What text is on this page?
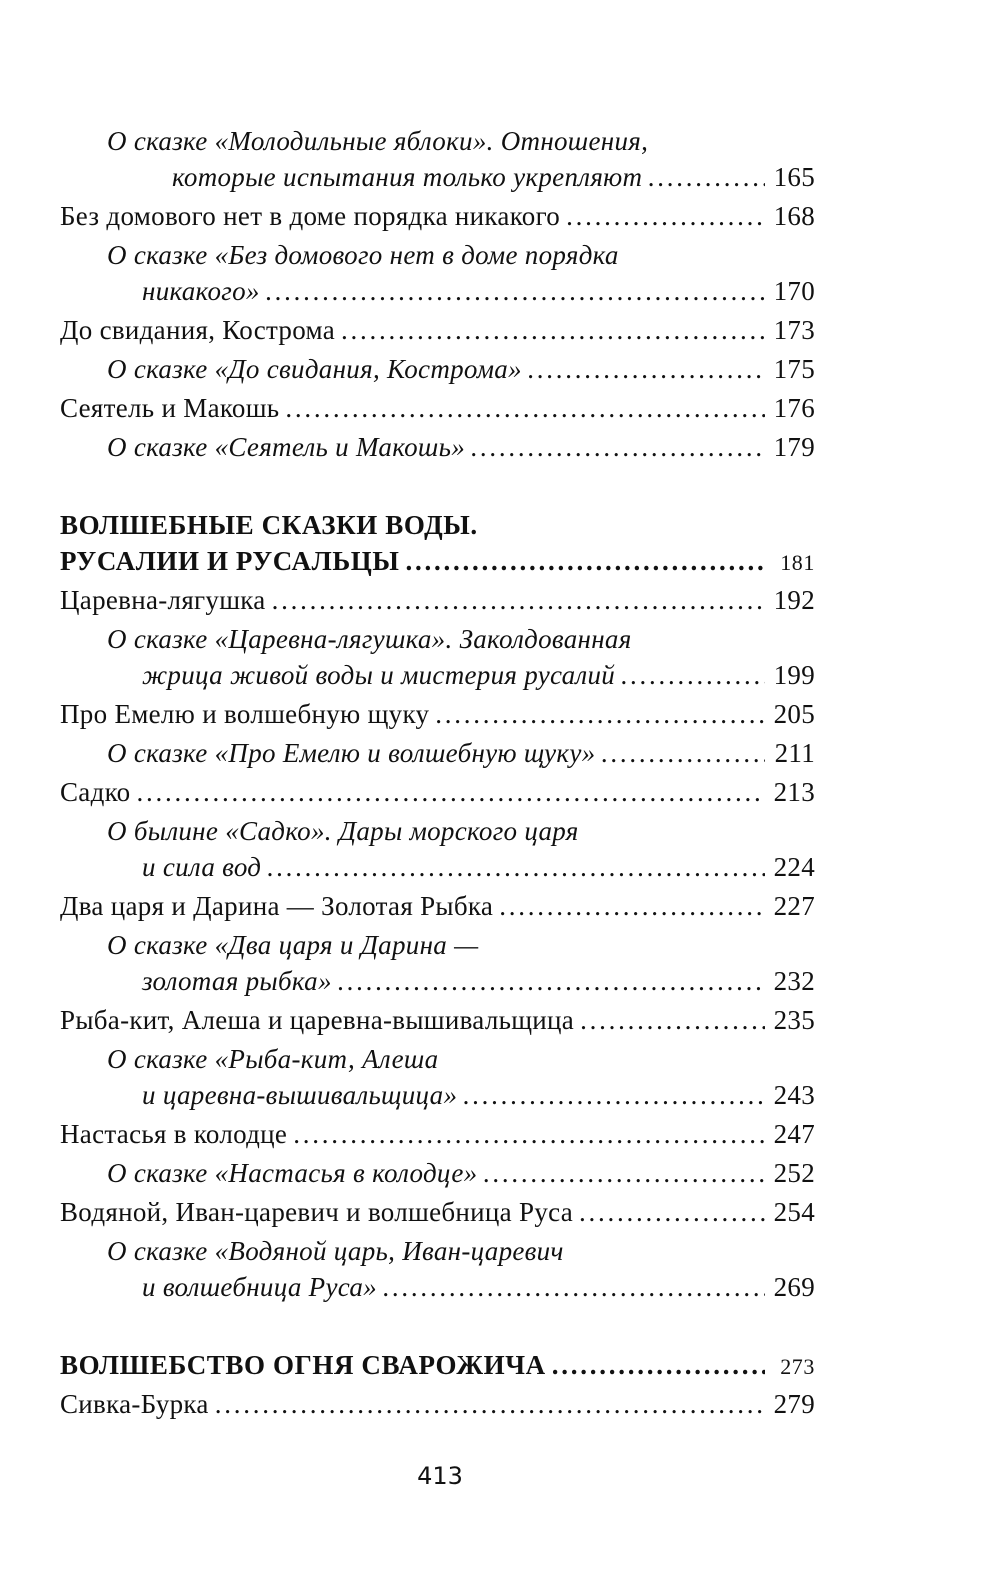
О сказке «Молодильные яблоки». Отношения,
которые испытания только укрепляют . . .	165
Без домового нет в доме порядка никакого . . .	168
О сказке «Без домового нет в доме порядка
никакого» . . .	170
До свидания, Кострома . . .	173
О сказке «До свидания, Кострома» . . .	175
Сеятель и Макошь . . .	176
О сказке «Сеятель и Макошь» . . .	179
ВОЛШЕБНЫЕ СКАЗКИ ВОДЫ.
РУСАЛИИ И РУСАЛЬЦЫ . . .	181
Царевна-лягушка . . .	192
О сказке «Царевна-лягушка». Заколдованная
жрица живой воды и мистерия русалий . . .	199
Про Емелю и волшебную щуку . . .	205
О сказке «Про Емелю и волшебную щуку» . . .	211
Садко . . .	213
О былине «Садко». Дары морского царя
и сила вод . . .	224
Два царя и Дарина — Золотая Рыбка . . .	227
О сказке «Два царя и Дарина —
золотая рыбка» . . .	232
Рыба-кит, Алеша и царевна-вышивальщица . . .	235
О сказке «Рыба-кит, Алеша
и царевна-вышивальщица» . . .	243
Настасья в колодце . . .	247
О сказке «Настасья в колодце» . . .	252
Водяной, Иван-царевич и волшебница Руса . . .	254
О сказке «Водяной царь, Иван-царевич
и волшебница Руса» . . .	269
ВОЛШЕБСТВО ОГНЯ СВАРОЖИЧА . . .	273
Сивка-Бурка . . .	279
413
